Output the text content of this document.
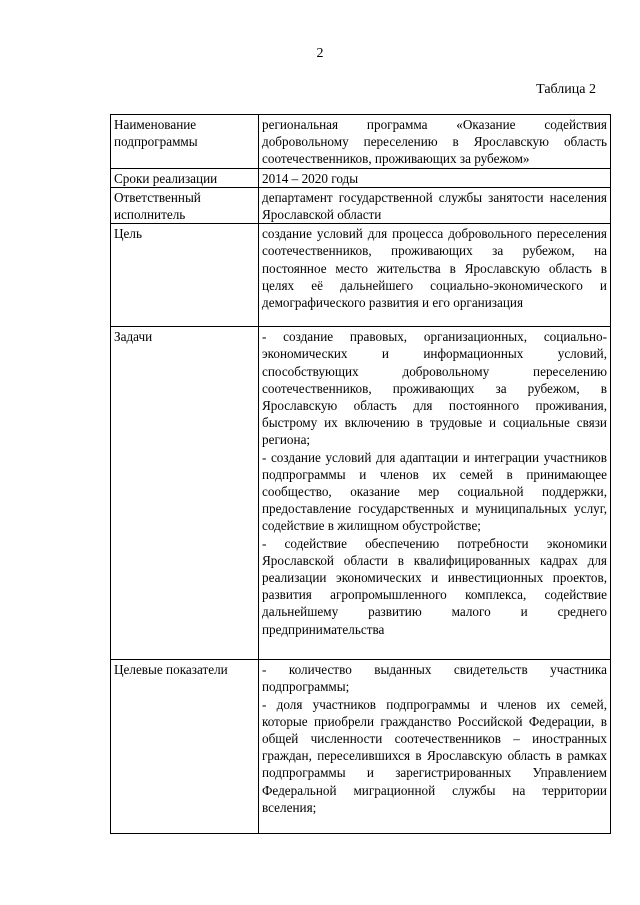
2
Таблица 2
Наименование подпрограммы	региональная программа «Оказание содействия добровольному переселению в Ярославскую область соотечественников, проживающих за рубежом»

Сроки реализации	2014 – 2020 годы

Ответственный исполнитель	департамент государственной службы занятости населения Ярославской области

Цель	создание условий для процесса добровольного переселения соотечественников, проживающих за рубежом, на постоянное место жительства в Ярославскую область в целях её дальнейшего социально-экономического и демографического развития и его организация

Задачи	- создание правовых, организационных, социально-экономических и информационных условий, способствующих добровольному переселению соотечественников, проживающих за рубежом, в Ярославскую область для постоянного проживания, быстрому их включению в трудовые и социальные связи региона;
- создание условий для адаптации и интеграции участников подпрограммы и членов их семей в принимающее сообщество, оказание мер социальной поддержки, предоставление государственных и муниципальных услуг, содействие в жилищном обустройстве;
- содействие обеспечению потребности экономики Ярославской области в квалифицированных кадрах для реализации экономических и инвестиционных проектов, развития агропромышленного комплекса, содействие дальнейшему развитию малого и среднего предпринимательства

Целевые показатели	- количество выданных свидетельств участника подпрограммы;
- доля участников подпрограммы и членов их семей, которые приобрели гражданство Российской Федерации, в общей численности соотечественников – иностранных граждан, переселившихся в Ярославскую область в рамках подпрограммы и зарегистрированных Управлением Федеральной миграционной службы на территории вселения;
